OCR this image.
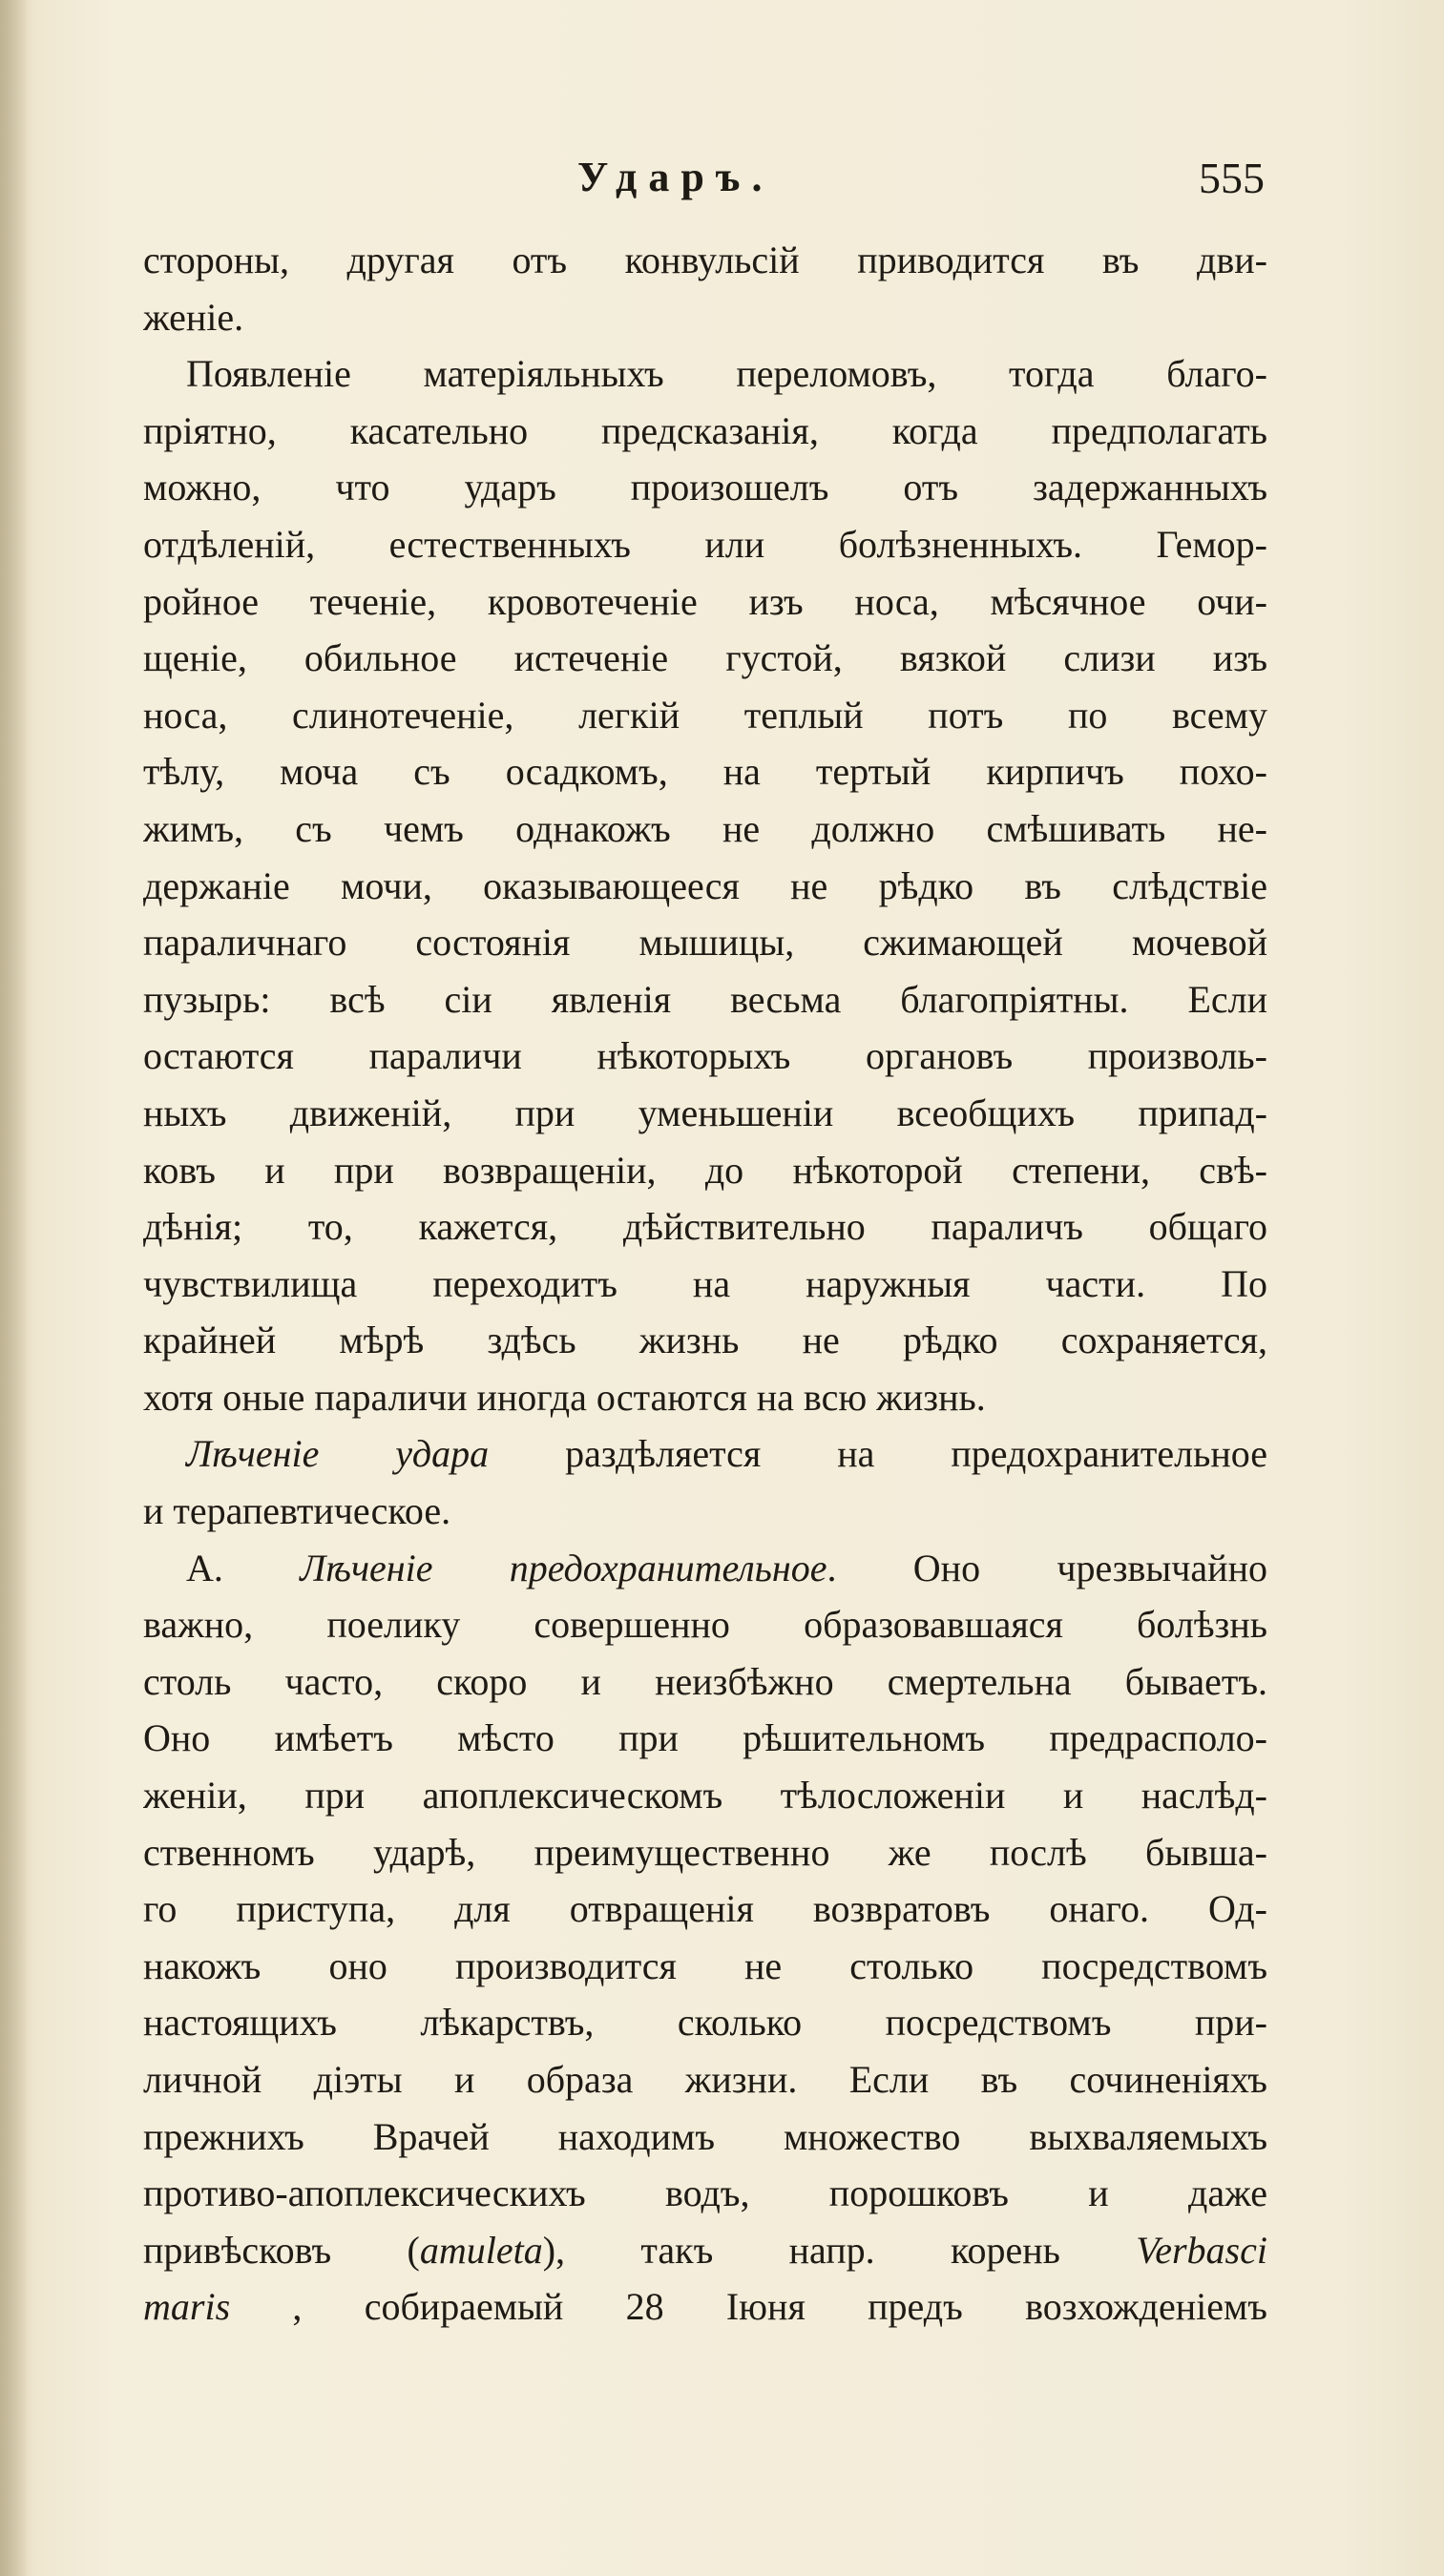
Ударъ.	555
стороны, другая отъ конвульсій приводится въ дви-
женіе.
Появленіе матеріяльныхъ переломовъ, тогда благо-
пріятно, касательно предсказанія, когда предполагать
можно, что ударъ произошелъ отъ задержанныхъ
отдѣленій, естественныхъ или болѣзненныхъ. Гемор-
ройное теченіе, кровотеченіе изъ носа, мѣсячное очи-
щеніе, обильное истеченіе густой, вязкой слизи изъ
носа, слинотеченіе, легкій теплый потъ по всему
тѣлу, моча съ осадкомъ, на тертый кирпичъ похо-
жимъ, съ чемъ однакожъ не должно смѣшивать не-
держаніе мочи, оказывающееся не рѣдко въ слѣдствіе
параличнаго состоянія мышицы, сжимающей мочевой
пузырь: всѣ сіи явленія весьма благопріятны. Если
остаются параличи нѣкоторыхъ органовъ произволь-
ныхъ движеній, при уменьшеніи всеобщихъ припад-
ковъ и при возвращеніи, до нѣкоторой степени, свѣ-
дѣнія; то, кажется, дѣйствительно параличъ общаго
чувствилища переходитъ на наружныя части. По
крайней мѣрѣ здѣсь жизнь не рѣдко сохраняется,
хотя оные параличи иногда остаются на всю жизнь.
Лѣченіе удара раздѣляется на предохранительное
и терапевтическое.
А. Лѣченіе предохранительное. Оно чрезвычайно
важно, поелику совершенно образовавшаяся болѣзнь
столь часто, скоро и неизбѣжно смертельна бываетъ.
Оно имѣетъ мѣсто при рѣшительномъ предрасполо-
женіи, при апоплексическомъ тѣлосложеніи и наслѣд-
ственномъ ударѣ, преимущественно же послѣ бывша-
го приступа, для отвращенія возвратовъ онаго. Од-
накожъ оно производится не столько посредствомъ
настоящихъ лѣкарствъ, сколько посредствомъ при-
личной діэты и образа жизни. Если въ сочиненіяхъ
прежнихъ Врачей находимъ множество выхваляемыхъ
противо-апоплексическихъ водъ, порошковъ и даже
привѣсковъ (amuleta), такъ напр. корень Verbasci
maris , собираемый 28 Іюня предъ возхожденіемъ
